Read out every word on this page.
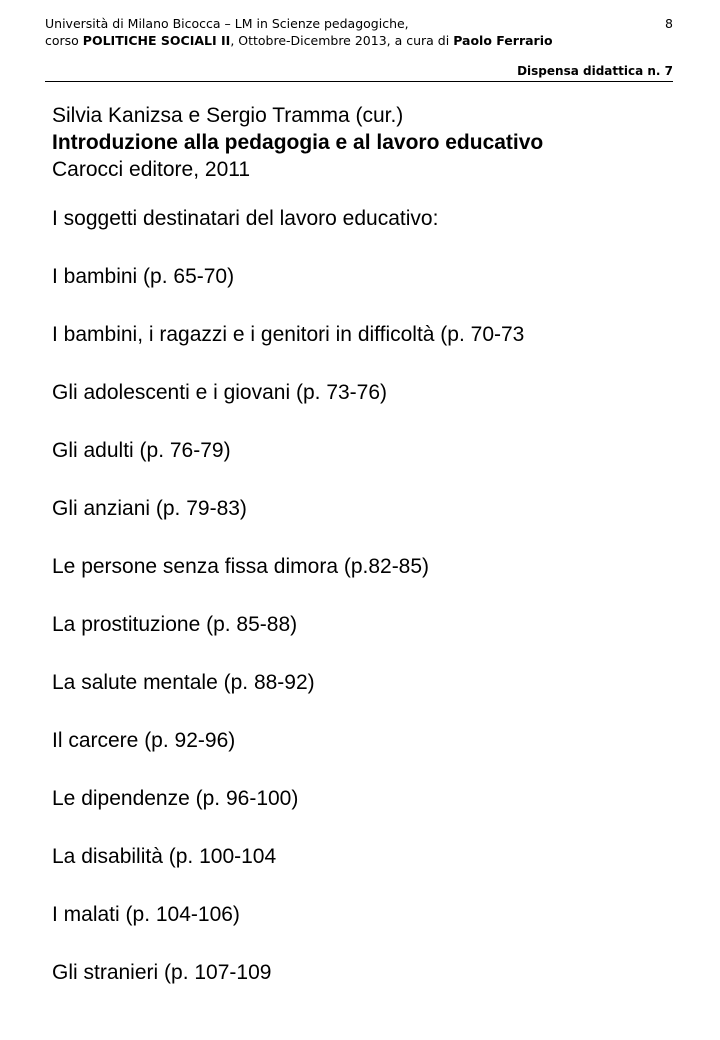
Università di Milano Bicocca – LM in Scienze pedagogiche,
corso POLITICHE SOCIALI II, Ottobre-Dicembre 2013, a cura di Paolo Ferrario
8
Dispensa didattica n. 7

Silvia Kanizsa e Sergio Tramma (cur.)

Introduzione alla pedagogia e al lavoro educativo

Carocci editore, 2011

I soggetti destinatari del lavoro educativo:

I bambini (p. 65-70)

I bambini, i ragazzi e i genitori in difficoltà (p. 70-73

Gli adolescenti e i giovani (p. 73-76)

Gli adulti (p. 76-79)

Gli anziani (p. 79-83)

Le persone senza fissa dimora (p.82-85)

La prostituzione (p. 85-88)

La salute mentale (p. 88-92)

Il carcere (p. 92-96)

Le dipendenze (p. 96-100)

La disabilità (p. 100-104

I malati (p. 104-106)

Gli stranieri (p. 107-109
